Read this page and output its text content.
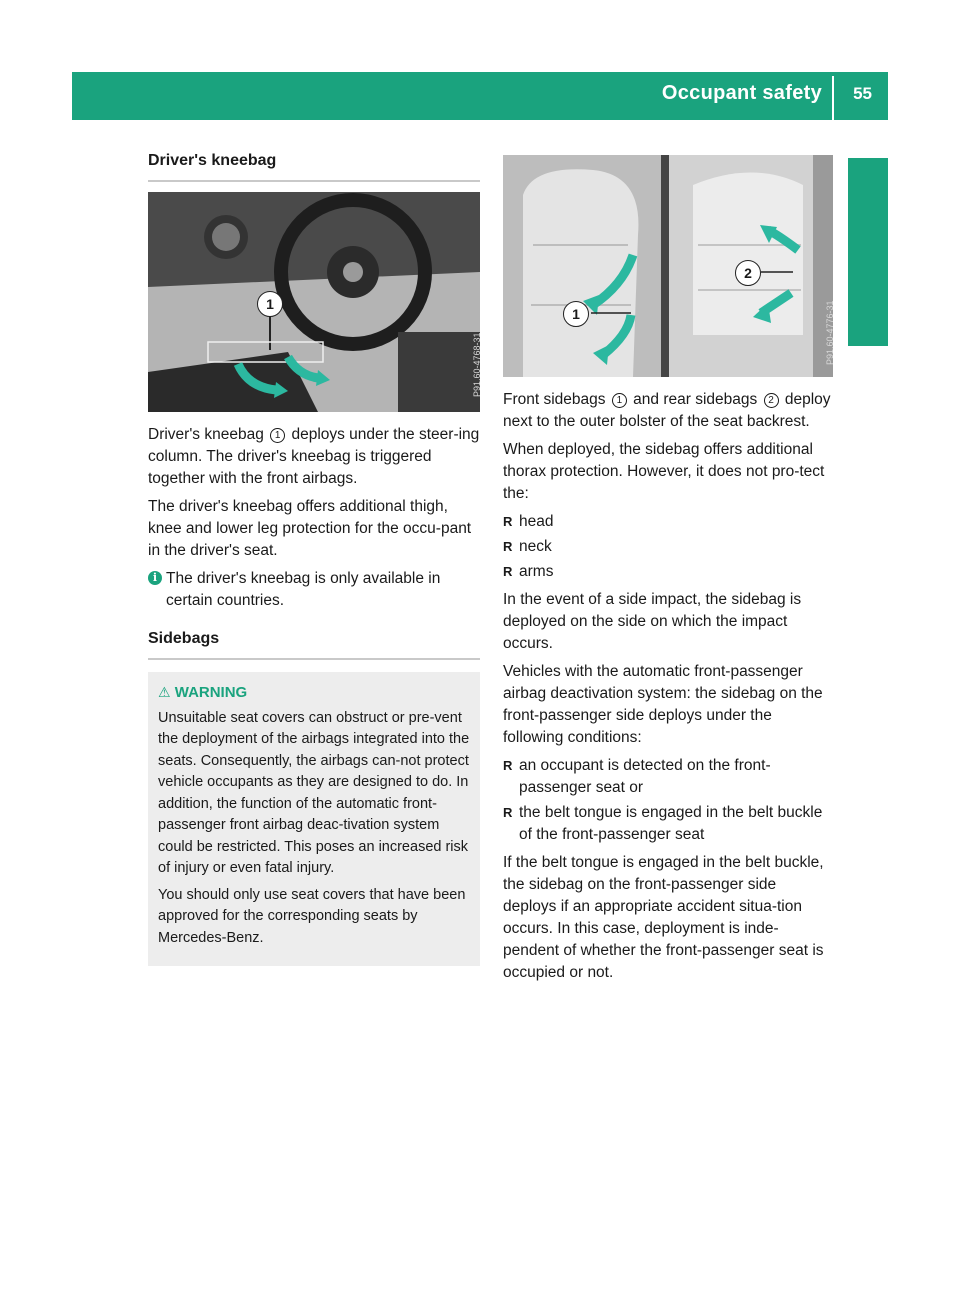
Occupant safety 55
Safety
Driver's kneebag
1
P91.60-4768-31

Driver's kneebag 1 deploys under the steer-ing column. The driver's kneebag is triggered together with the front airbags.

The driver's kneebag offers additional thigh, knee and lower leg protection for the occu-pant in the driver's seat.

i The driver's kneebag is only available in certain countries.
Sidebags
⚠ WARNING

Unsuitable seat covers can obstruct or pre-vent the deployment of the airbags integrated into the seats. Consequently, the airbags can-not protect vehicle occupants as they are designed to do. In addition, the function of the automatic front-passenger front airbag deac-tivation system could be restricted. This poses an increased risk of injury or even fatal injury.

You should only use seat covers that have been approved for the corresponding seats by Mercedes-Benz.

1
2
P91.60-4776-31

Front sidebags 1 and rear sidebags 2 deploy next to the outer bolster of the seat backrest.

When deployed, the sidebag offers additional thorax protection. However, it does not pro-tect the:

R head
R neck
R arms

In the event of a side impact, the sidebag is deployed on the side on which the impact occurs.

Vehicles with the automatic front-passenger airbag deactivation system: the sidebag on the front-passenger side deploys under the following conditions:

R an occupant is detected on the front-passenger seat or
R the belt tongue is engaged in the belt buckle of the front-passenger seat

If the belt tongue is engaged in the belt buckle, the sidebag on the front-passenger side deploys if an appropriate accident situa-tion occurs. In this case, deployment is inde-pendent of whether the front-passenger seat is occupied or not.
